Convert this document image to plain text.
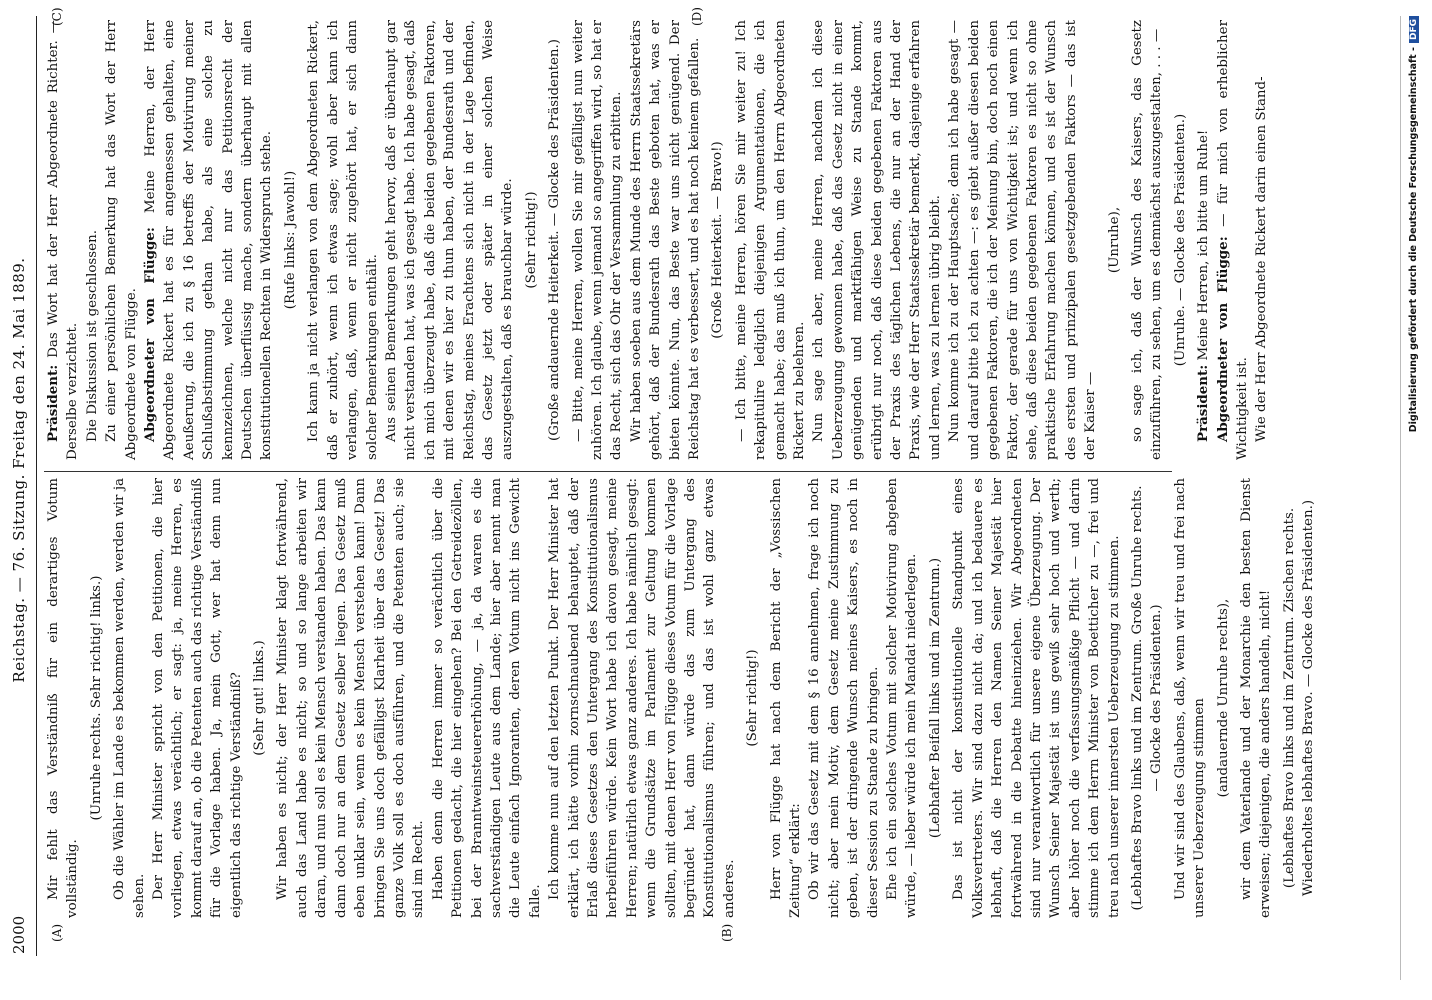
2000
Reichstag. — 76. Sitzung. Freitag den 24. Mai 1889.
(A)	(B)
(C)	(D)

Mir fehlt das Verständniß für ein derartiges Votum vollständig.

(Unruhe rechts. Sehr richtig! links.) Ob die Wähler im Lande es bekommen werden, werden wir ja sehen. Der Herr Minister spricht von den Petitionen, die hier vorliegen, etwas verächtlich; er sagt: ja, meine Herren, es kommt darauf an, ob die Petenten auch das richtige Verständniß für die Vorlage haben. Ja, mein Gott, wer hat denn nun eigentlich das richtige Verständniß? (Sehr gut! links.) Wir haben es nicht; der Herr Minister klagt fortwährend, auch das Land habe es nicht; so und so lange arbeiten wir daran, und nun soll es kein Mensch verstanden haben. Das kann dann doch nur an dem Gesetz selber liegen. Das Gesetz muß eben unklar sein, wenn es kein Mensch verstehen kann! Dann bringen Sie uns doch gefälligst Klarheit über das Gesetz! Das ganze Volk soll es doch ausführen, und die Petenten auch; sie sind im Recht. Haben denn die Herren immer so verächtlich über die Petitionen gedacht, die hier eingehen? Bei den Getreidezöllen, bei der Branntweinsteuererhöhung, — ja, da waren es die sachverständigen Leute aus dem Lande; hier aber nennt man die Leute einfach Ignoranten, deren Votum nicht ins Gewicht falle.

Ich komme nun auf den letzten Punkt. Der Herr Minister hat erklärt, ich hätte vorhin zornschnaubend behauptet, daß der Erlaß dieses Gesetzes den Untergang des Konstitutionalismus herbeiführen würde. Kein Wort habe ich davon gesagt, meine Herren; natürlich etwas ganz anderes. Ich habe nämlich gesagt: wenn die Grundsätze im Parlament zur Geltung kommen sollten, mit denen Herr von Flügge dieses Votum für die Vorlage begründet hat, dann würde das zum Untergang des Konstitutionalismus führen; und das ist wohl ganz etwas anderes.

(Sehr richtig!) Herr von Flügge hat nach dem Bericht der „Vossischen Zeitung“ erklärt: Ob wir das Gesetz mit dem § 16 annehmen, frage ich noch nicht; aber mein Motiv, dem Gesetz meine Zustimmung zu geben, ist der dringende Wunsch meines Kaisers, es noch in dieser Session zu Stande zu bringen. Ehe ich ein solches Votum mit solcher Motivirung abgeben würde, — lieber würde ich mein Mandat niederlegen. (Lebhafter Beifall links und im Zentrum.) Das ist nicht der konstitutionelle Standpunkt eines Volksvertreters. Wir sind dazu nicht da; und ich bedauere es lebhaft, daß die Herren den Namen Seiner Majestät hier fortwährend in die Debatte hineinziehen. Wir Abgeordneten sind nur verantwortlich für unsere eigene Überzeugung. Der Wunsch Seiner Majestät ist uns gewiß sehr hoch und werth; aber höher noch die verfassungsmäßige Pflicht — und darin stimme ich dem Herrn Minister von Boetticher zu —, frei und treu nach unserer innersten Ueberzeugung zu stimmen. (Lebhaftes Bravo links und im Zentrum. Große Unruhe rechts. — Glocke des Präsidenten.) Und wir sind des Glaubens, daß, wenn wir treu und frei nach unserer Ueberzeugung stimmen

(andauernde Unruhe rechts), wir dem Vaterlande und der Monarchie den besten Dienst erweisen; diejenigen, die anders handeln, nicht! (Lebhaftes Bravo links und im Zentrum. Zischen rechts. Wiederholtes lebhaftes Bravo. — Glocke des Präsidenten.)

Präsident: Das Wort hat der Herr Abgeordnete Richter. — Derselbe verzichtet. Die Diskussion ist geschlossen. Zu einer persönlichen Bemerkung hat das Wort der Herr Abgeordnete von Flügge. Abgeordneter von Flügge: Meine Herren, der Herr Abgeordnete Rickert hat es für angemessen gehalten, eine Aeußerung, die ich zu § 16 betreffs der Motivirung meiner Schlußabstimmung gethan habe, als eine solche zu kennzeichnen, welche nicht nur das Petitionsrecht der Deutschen überflüssig mache, sondern überhaupt mit allen konstitutionellen Rechten in Widerspruch stehe. (Rufe links: Jawohl!) Ich kann ja nicht verlangen von dem Abgeordneten Rickert, daß er zuhört, wenn ich etwas sage; wohl aber kann ich verlangen, daß, wenn er nicht zugehört hat, er sich dann solcher Bemerkungen enthält. Aus seinen Bemerkungen geht hervor, daß er überhaupt gar nicht verstanden hat, was ich gesagt habe. Ich habe gesagt, daß ich mich überzeugt habe, daß die beiden gegebenen Faktoren, mit denen wir es hier zu thun haben, der Bundesrath und der Reichstag, meines Erachtens sich nicht in der Lage befinden, das Gesetz jetzt oder später in einer solchen Weise auszugestalten, daß es brauchbar würde. (Sehr richtig!) (Große andauernde Heiterkeit. — Glocke des Präsidenten.) — Bitte, meine Herren, wollen Sie mir gefälligst nun weiter zuhören. Ich glaube, wenn jemand so angegriffen wird, so hat er das Recht, sich das Ohr der Versammlung zu erbitten. Wir haben soeben aus dem Munde des Herrn Staatssekretärs gehört, daß der Bundesrath das Beste geboten hat, was er bieten könnte. Nun, das Beste war uns nicht genügend. Der Reichstag hat es verbessert, und es hat noch keinem gefallen. (Große Heiterkeit. — Bravo!) — Ich bitte, meine Herren, hören Sie mir weiter zu! Ich rekapitulire lediglich diejenigen Argumentationen, die ich gemacht habe; das muß ich thun, um den Herrn Abgeordneten Rickert zu belehren. Nun sage ich aber, meine Herren, nachdem ich diese Ueberzeugung gewonnen habe, daß das Gesetz nicht in einer genügenden und marktfähigen Weise zu Stande kommt, erübrigt nur noch, daß diese beiden gegebenen Faktoren aus der Praxis des täglichen Lebens, die nur an der Hand der Praxis, wie der Herr Staatssekretär bemerkt, dasjenige erfahren und lernen, was zu lernen übrig bleibt. Nun komme ich zu der Hauptsache; denn ich habe gesagt — und darauf bitte ich zu achten —: es giebt außer diesen beiden gegebenen Faktoren, die ich der Meinung bin, doch noch einen Faktor, der gerade für uns von Wichtigkeit ist; und wenn ich sehe, daß diese beiden gegebenen Faktoren es nicht so ohne praktische Erfahrung machen können, und es ist der Wunsch des ersten und prinzipalen gesetzgebenden Faktors — das ist der Kaiser —

(Unruhe), so sage ich, daß der Wunsch des Kaisers, das Gesetz einzuführen, zu sehen, um es demnächst auszugestalten, . . . — (Unruhe. — Glocke des Präsidenten.)

Präsident: Meine Herren, ich bitte um Ruhe! Abgeordneter von Flügge: — für mich von erheblicher Wichtigkeit ist. Wie der Herr Abgeordnete Rickert darin einen Stand-	Digitalisierung gefördert durch die Deutsche Forschungsgemeinschaft -DFG
